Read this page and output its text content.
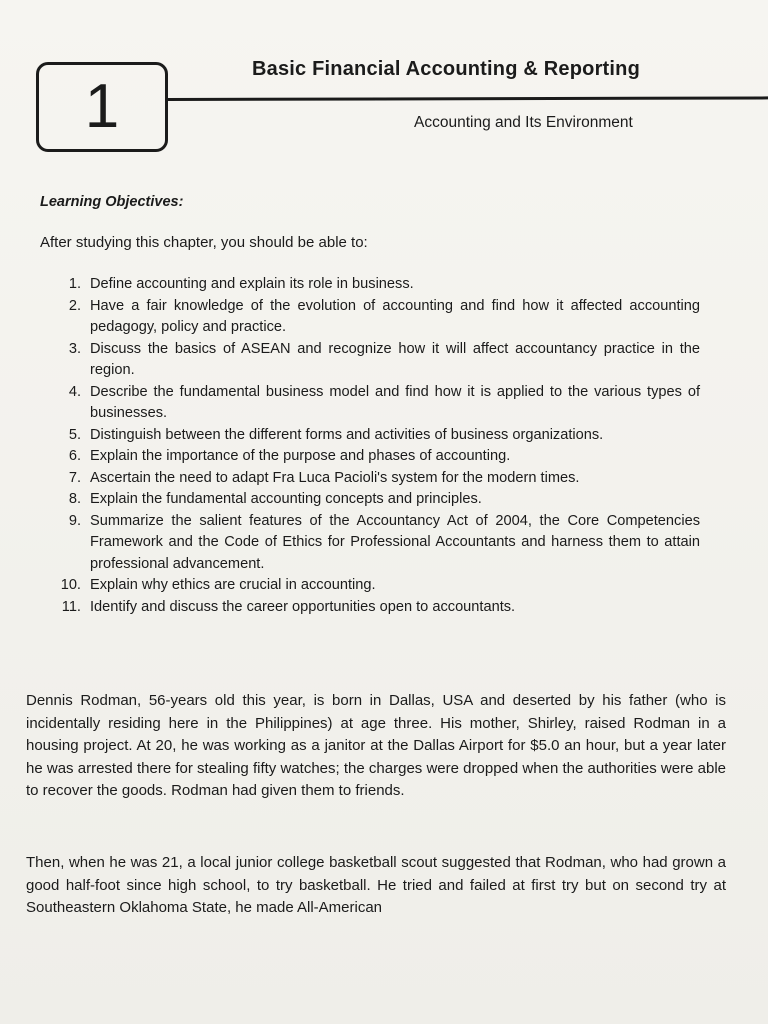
1
Basic Financial Accounting & Reporting
Accounting and Its Environment
Learning Objectives:
After studying this chapter, you should be able to:
1. Define accounting and explain its role in business.
2. Have a fair knowledge of the evolution of accounting and find how it affected accounting pedagogy, policy and practice.
3. Discuss the basics of ASEAN and recognize how it will affect accountancy practice in the region.
4. Describe the fundamental business model and find how it is applied to the various types of businesses.
5. Distinguish between the different forms and activities of business organizations.
6. Explain the importance of the purpose and phases of accounting.
7. Ascertain the need to adapt Fra Luca Pacioli's system for the modern times.
8. Explain the fundamental accounting concepts and principles.
9. Summarize the salient features of the Accountancy Act of 2004, the Core Competencies Framework and the Code of Ethics for Professional Accountants and harness them to attain professional advancement.
10. Explain why ethics are crucial in accounting.
11. Identify and discuss the career opportunities open to accountants.

Dennis Rodman, 56-years old this year, is born in Dallas, USA and deserted by his father (who is incidentally residing here in the Philippines) at age three. His mother, Shirley, raised Rodman in a housing project. At 20, he was working as a janitor at the Dallas Airport for $5.0 an hour, but a year later he was arrested there for stealing fifty watches; the charges were dropped when the authorities were able to recover the goods. Rodman had given them to friends.

Then, when he was 21, a local junior college basketball scout suggested that Rodman, who had grown a good half-foot since high school, to try basketball. He tried and failed at first try but on second try at Southeastern Oklahoma State, he made All-American
